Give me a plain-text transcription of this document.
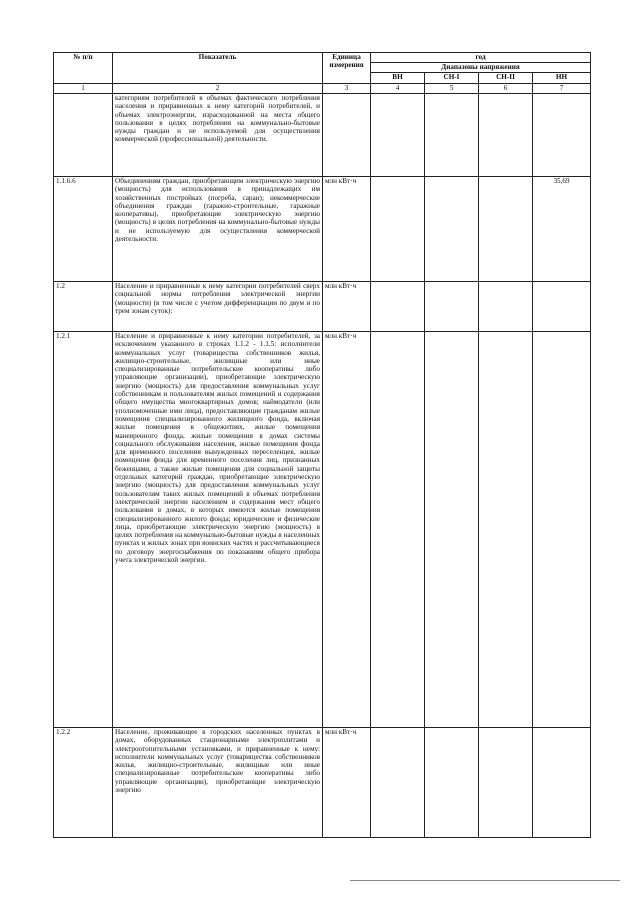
№ п/п	Показатель	Единица измерения	год			
			Диапазоны напряжения			
			ВН	СН-I	СН-II	НН
1	2	3	4	5	6	7
	категориям потребителей в объемах фактического потребления населения и приравненных к нему категорий потребителей, и объемах электроэнергии, израсходованной на места общего пользования в целях потребления на коммунально-бытовые нужды граждан и не используемой для осуществления коммерческой (профессиональной) деятельности.					
1.1.6.6	Объединениям граждан, приобретающим электрическую энергию (мощность) для использования в принадлежащих им хозяйственных постройках (погреба, сараи); некоммерческие объединения граждан (гаражно-строительные, гаражные кооперативы), приобретающие электрическую энергию (мощность) в целях потребления на коммунально-бытовые нужды и не используемую для осуществления коммерческой деятельности.	млн кВт·ч				35,69
1.2	Население и приравненные к нему категории потребителей сверх социальной нормы потребления электрической энергии (мощности) (в том числе с учетом дифференциации по двум и по трем зонам суток):	млн кВт·ч				
1.2.1	Население и приравненные к нему категории потребителей, за исключением указанного в строках 1.1.2 - 1.1.5: исполнители коммунальных услуг (товарищества собственников жилья, жилищно-строительные, жилищные или иные специализированные потребительские кооперативы либо управляющие организации), приобретающие электрическую энергию (мощность) для предоставления коммунальных услуг собственникам и пользователям жилых помещений и содержания общего имущества многоквартирных домов; наймодатели (или уполномоченные ими лица), предоставляющие гражданам жилые помещения специализированного жилищного фонда, включая жилые помещения в общежитиях, жилые помещения маневренного фонда, жилые помещения в домах системы социального обслуживания населения, жилые помещения фонда для временного поселения вынужденных переселенцев, жилые помещения фонда для временного поселения лиц, признанных беженцами, а также жилые помещения для социальной защиты отдельных категорий граждан, приобретающие электрическую энергию (мощность) для предоставления коммунальных услуг пользователям таких жилых помещений в объемах потребления электрической энергии населением и содержания мест общего пользования в домах, в которых имеются жилые помещения специализированного жилого фонда; юридические и физические лица, приобретающие электрическую энергию (мощность) в целях потребления на коммунально-бытовые нужды в населенных пунктах и жилых зонах при воинских частях и рассчитывающиеся по договору энергоснабжения по показаниям общего прибора учета электрической энергии.	млн кВт·ч				
1.2.2	Население, проживающее в городских населенных пунктах в домах, оборудованных стационарными электроплитами и электроотопительными установками, и приравненные к нему: исполнители коммунальных услуг (товарищества собственников жилья, жилищно-строительные, жилищные или иные специализированные потребительские кооперативы либо управляющие организации), приобретающие электрическую энергию	млн кВт·ч				
